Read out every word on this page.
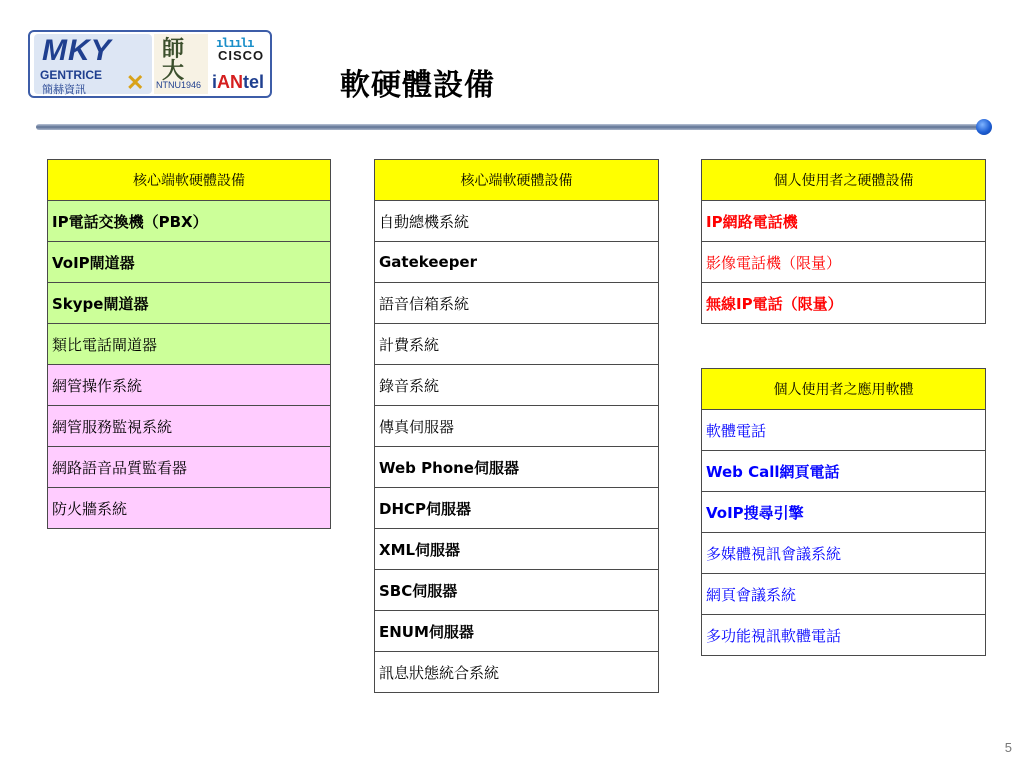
MKY
GENTRICE
簡赫資訊 ✕
師大
NTNU1946
ılıılı
CISCO
iANtel	軟硬體設備
核心端軟硬體設備
IP電話交換機（PBX）
VoIP閘道器
Skype閘道器
類比電話閘道器
網管操作系統
網管服務監視系統
網路語音品質監看器
防火牆系統
核心端軟硬體設備
自動總機系統
Gatekeeper
語音信箱系統
計費系統
錄音系統
傳真伺服器
Web Phone伺服器
DHCP伺服器
XML伺服器
SBC伺服器
ENUM伺服器
訊息狀態統合系統
個人使用者之硬體設備
IP網路電話機
影像電話機（限量）
無線IP電話（限量）
個人使用者之應用軟體
軟體電話
Web Call網頁電話
VoIP搜尋引擎
多媒體視訊會議系統
網頁會議系統
多功能視訊軟體電話
5
